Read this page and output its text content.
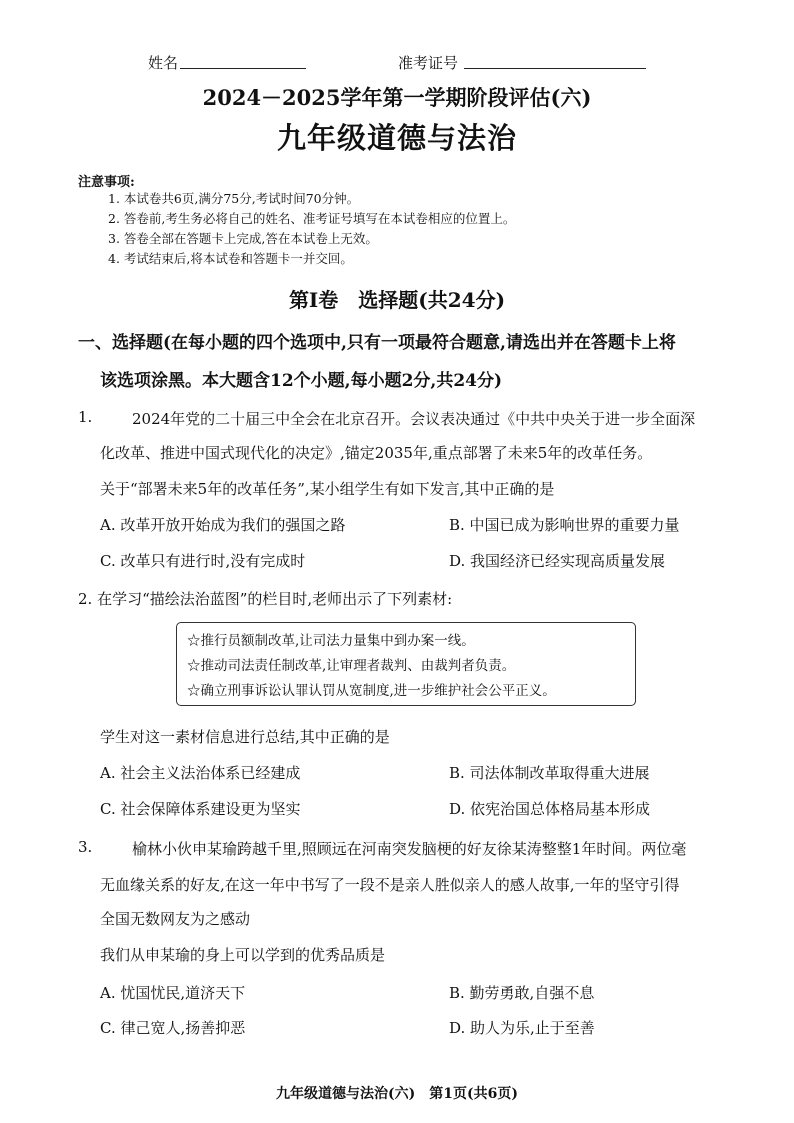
姓名	准考证号
2024－2025学年第一学期阶段评估(六)
九年级道德与法治
注意事项:
1. 本试卷共6页,满分75分,考试时间70分钟。
2. 答卷前,考生务必将自己的姓名、准考证号填写在本试卷相应的位置上。
3. 答卷全部在答题卡上完成,答在本试卷上无效。
4. 考试结束后,将本试卷和答题卡一并交回。
第Ⅰ卷　选择题(共24分)
一、选择题(在每小题的四个选项中,只有一项最符合题意,请选出并在答题卡上将
该选项涂黑。本大题含12个小题,每小题2分,共24分)
1.	2024年党的二十届三中全会在北京召开。会议表决通过《中共中央关于进一步全面深
化改革、推进中国式现代化的决定》,锚定2035年,重点部署了未来5年的改革任务。
关于“部署未来5年的改革任务”,某小组学生有如下发言,其中正确的是
A. 改革开放开始成为我们的强国之路	B. 中国已成为影响世界的重要力量
C. 改革只有进行时,没有完成时	D. 我国经济已经实现高质量发展
2. 在学习“描绘法治蓝图”的栏目时,老师出示了下列素材:
☆推行员额制改革,让司法力量集中到办案一线。
☆推动司法责任制改革,让审理者裁判、由裁判者负责。
☆确立刑事诉讼认罪认罚从宽制度,进一步维护社会公平正义。
学生对这一素材信息进行总结,其中正确的是
A. 社会主义法治体系已经建成	B. 司法体制改革取得重大进展
C. 社会保障体系建设更为坚实	D. 依宪治国总体格局基本形成
3.	榆林小伙申某瑜跨越千里,照顾远在河南突发脑梗的好友徐某涛整整1年时间。两位毫
无血缘关系的好友,在这一年中书写了一段不是亲人胜似亲人的感人故事,一年的坚守引得
全国无数网友为之感动
我们从申某瑜的身上可以学到的优秀品质是
A. 忧国忧民,道济天下	B. 勤劳勇敢,自强不息
C. 律己宽人,扬善抑恶	D. 助人为乐,止于至善
九年级道德与法治(六)　第1页(共6页)
